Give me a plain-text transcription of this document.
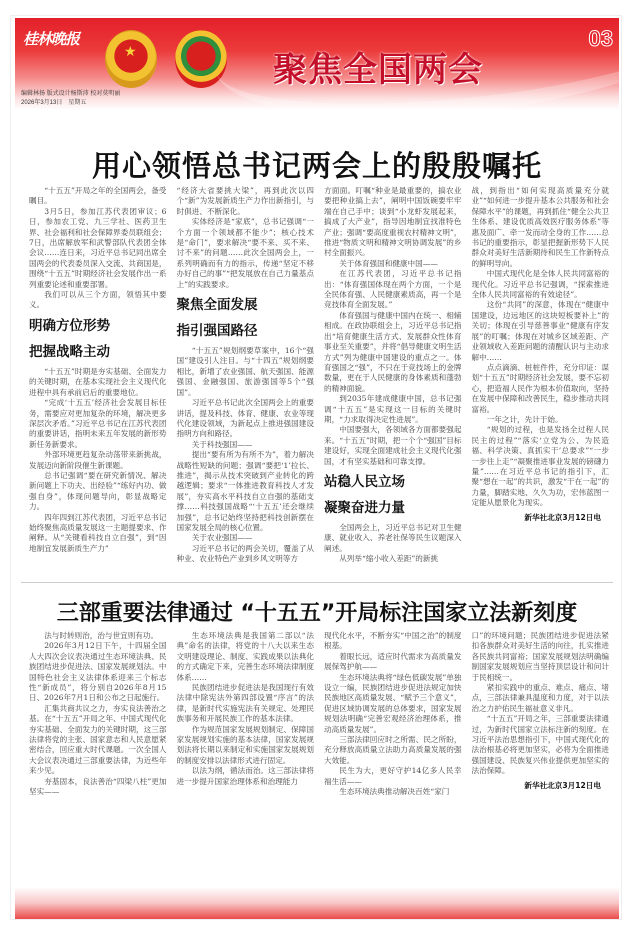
桂林晚报
★	聚焦全国两会
03
编辑林扬 版式设计杨斯沛 校对莫明丽
2026年3月13日　星期五
用心领悟总书记两会上的殷殷嘱托

“十五五”开局之年的全国两会，备受瞩目。

3月5日，参加江苏代表团审议；6日，参加农工党、九三学社、医药卫生界、社会福利和社会保障界委员联组会；7日，出席解放军和武警部队代表团全体会议……连日来，习近平总书记同出席全国两会的代表委员深入交流、共商国是，围绕“十五五”时期经济社会发展作出一系列重要论述和重要部署。

我们可以从三个方面，领悟其中要义。

明确方位形势
把握战略主动

“十五五”时期是夯实基础、全面发力的关键时期，在基本实现社会主义现代化进程中具有承前启后的重要地位。

“完成‘十五五’经济社会发展目标任务，需要应对更加复杂的环境，解决更多深层次矛盾。”习近平总书记在江苏代表团的重要讲话，指明未来五年发展的新形势新任务新要求。

外部环境更趋复杂动荡带来新挑战，发展迈向新阶段催生新课题。

总书记强调“要在研究新情况、解决新问题上下功夫、出经验”“练好内功、做强自身”，体现问题导向，彰显战略定力。

四年四到江苏代表团，习近平总书记始终聚焦高质量发展这一主题提要求、作阐释。从“关键看科技自立自强”，到“因地制宜发展新质生产力”

“经济大省要挑大梁”，再到此次以四个“新”为发展新质生产力作出新指引，与时俱进、不断深化。

实体经济是“家底”，总书记强调“一个方面一个领域都不能少”；核心技术是“命门”，要求解决“要不来、买不来、讨不来”的问题……此次全国两会上，一系列明确而有力的指示，传递“坚定不移办好自己的事”“把发展放在自己力量基点上”的实践要求。

聚焦全面发展
指引强国路径

“十五五”规划纲要草案中，16个“强国”建设引人注目。与“十四五”规划纲要相比，新增了农业强国、航天强国、能源强国、金融强国、旅游强国等5个“强国”。

习近平总书记此次全国两会上的重要讲话，提及科技、体育、健康、农业等现代化建设领域，为新起点上推进强国建设指明方向和路径。

关于科技强国——

提出“要有所为有所不为”，着力解决战略性短缺的问题；强调“要把‘1’拉长、推进”，揭示从技术突破到产业转化的跨越逻辑；要求“一体推进教育科技人才发展”，夯实高水平科技自立自强的基础支撑……科技强国战略“‘十五五’还会继续加强”，总书记始终坚持把科技创新摆在国家发展全局的核心位置。

关于农业强国——

习近平总书记的两会关切，覆盖了从种业、农业特色产业到乡风文明等方

方面面。叮嘱“种业是最重要的，搞农业要把种业搞上去”，阐明中国饭碗要牢牢端在自己手中；谈到“小龙虾发展起来，搞成了大产业”，指导因地制宜找准特色产业；强调“要高度重视农村精神文明”，推进“物质文明和精神文明协调发展”的乡村全面振兴。

关于体育强国和健康中国——

在江苏代表团，习近平总书记指出：“体育强国体现在两个方面，一个是全民体育强、人民健康素质高，再一个是竞技体育全面发展。”

体育强国与健康中国内在统一、相辅相成。在政协联组会上，习近平总书记指出“培育健康生活方式、发展群众性体育事业至关重要”，并将“倡导健康文明生活方式”列为健康中国建设的重点之一。体育强国之“强”，不只在于竞技场上的金牌数量，更在于人民健康的身体素质和蓬勃的精神面貌。

到2035年建成健康中国，总书记强调“十五五”是实现这一目标的关键时期，“力求取得决定性进展”。

中国要强大，各领域各方面都要强起来。“十五五”时期，把一个个“强国”目标建设好，实现全面建成社会主义现代化强国，才有坚实基础和可靠支撑。

站稳人民立场
凝聚奋进力量

全国两会上，习近平总书记对卫生健康、就业收入、养老社保等民生议题深入阐述。

从列举“缩小收入差距”的新挑

战，到指出“如何实现高质量充分就业”“如何进一步提升基本公共服务和社会保障水平”的课题，再到抓住“健全公共卫生体系、建设优质高效医疗服务体系”等惠及面广、牵一发而动全身的工作……总书记的重要指示，彰显把握新形势下人民群众对美好生活新期待和民生工作新特点的鲜明导向。

中国式现代化是全体人民共同富裕的现代化。习近平总书记强调，“探索推进全体人民共同富裕的有效途径”。

这份“共同”的深意，体现在“健康中国建设，边远地区的这块短板要补上”的关切；体现在引导慈善事业“健康有序发展”的叮嘱；体现在对城乡区域差距、产业领域收入差距问题的清醒认识与主动求解中……

点点滴滴、桩桩件件，充分印证：谋划“十五五”时期经济社会发展，要不忘初心，把造福人民作为根本价值取向，坚持在发展中保障和改善民生，稳步推动共同富裕。

一年之计，先计于始。

“规划的过程，也是发扬全过程人民民主的过程”“落实‘立党为公、为民造福、科学决策、真抓实干’总要求”“一步一步往上走”“凝聚推进事业发展的磅礴力量”……在习近平总书记的指引下，汇聚“想在一起”的共识，激发“干在一起”的力量，脚踏实地、久久为功，宏伟蓝图一定能从愿景化为现实。

新华社北京3月12日电

三部重要法律通过 “十五五”开局标注国家立法新刻度

法与时转则治，治与世宜则有功。

2026年3月12日下午，十四届全国人大四次会议表决通过生态环境法典、民族团结进步促进法、国家发展规划法。中国特色社会主义法律体系迎来三个标志性“新成员”，将分别自2026年8月15日、2026年7月1日和公布之日起施行。

汇集共商共议之力，夯实良法善治之基。在“十五五”开局之年、中国式现代化夯实基础、全面发力的关键时期，这三部法律将党的主张、国家意志和人民意愿紧密结合，回应重大时代课题。一次全国人大会议表决通过三部重要法律，为近些年来少见。

夯基固本，良法善治“四梁八柱”更加坚实——

生态环境法典是我国第二部以“法典”命名的法律，将党的十八大以来生态文明建设理论、制度、实践成果以法典化的方式确定下来，完善生态环境法律制度体系……

民族团结进步促进法是我国现行有效法律中除宪法外第四部设置“序言”的法律，是新时代实施宪法有关规定、处理民族事务和开展民族工作的基本法律。

作为规范国家发展规划制定、保障国家发展规划实施的基本法律，国家发展规划法将长期以来制定和实施国家发展规划的制度安排以法律形式进行固定。

以法为纲，循法而治。这三部法律将进一步提升国家治理体系和治理能力

现代化水平，不断夯实“中国之治”的制度根基。

着眼长远，适应时代需求为高质量发展保驾护航——

生态环境法典将“绿色低碳发展”单独设立一编，民族团结进步促进法规定加快民族地区高质量发展、“赋予三个意义”，促进区域协调发展的总体要求，国家发展规划法明确“完善宏观经济治理体系，推动高质量发展”。

三部法律回应时之所需、民之所盼，充分释放高质量立法助力高质量发展的强大效能。

民生为大，更好守护14亿多人民幸福生活——

生态环境法典推动解决百姓“家门

口”的环境问题；民族团结进步促进法紧扣各族群众对美好生活的向往，扎实推进各民族共同富裕；国家发展规划法明确编制国家发展规划应当坚持顶层设计和问计于民相统一。

紧扣实践中的重点、难点、痛点、堵点，三部法律兼具温度和力度，对于以法治之力护佑民生福祉意义非凡。

“十五五”开局之年，三部重要法律通过，为新时代国家立法标注新的刻度。在习近平法治思想指引下，中国式现代化的法治根基必将更加坚实，必将为全面推进强国建设、民族复兴伟业提供更加坚实的法治保障。

新华社北京3月12日电
